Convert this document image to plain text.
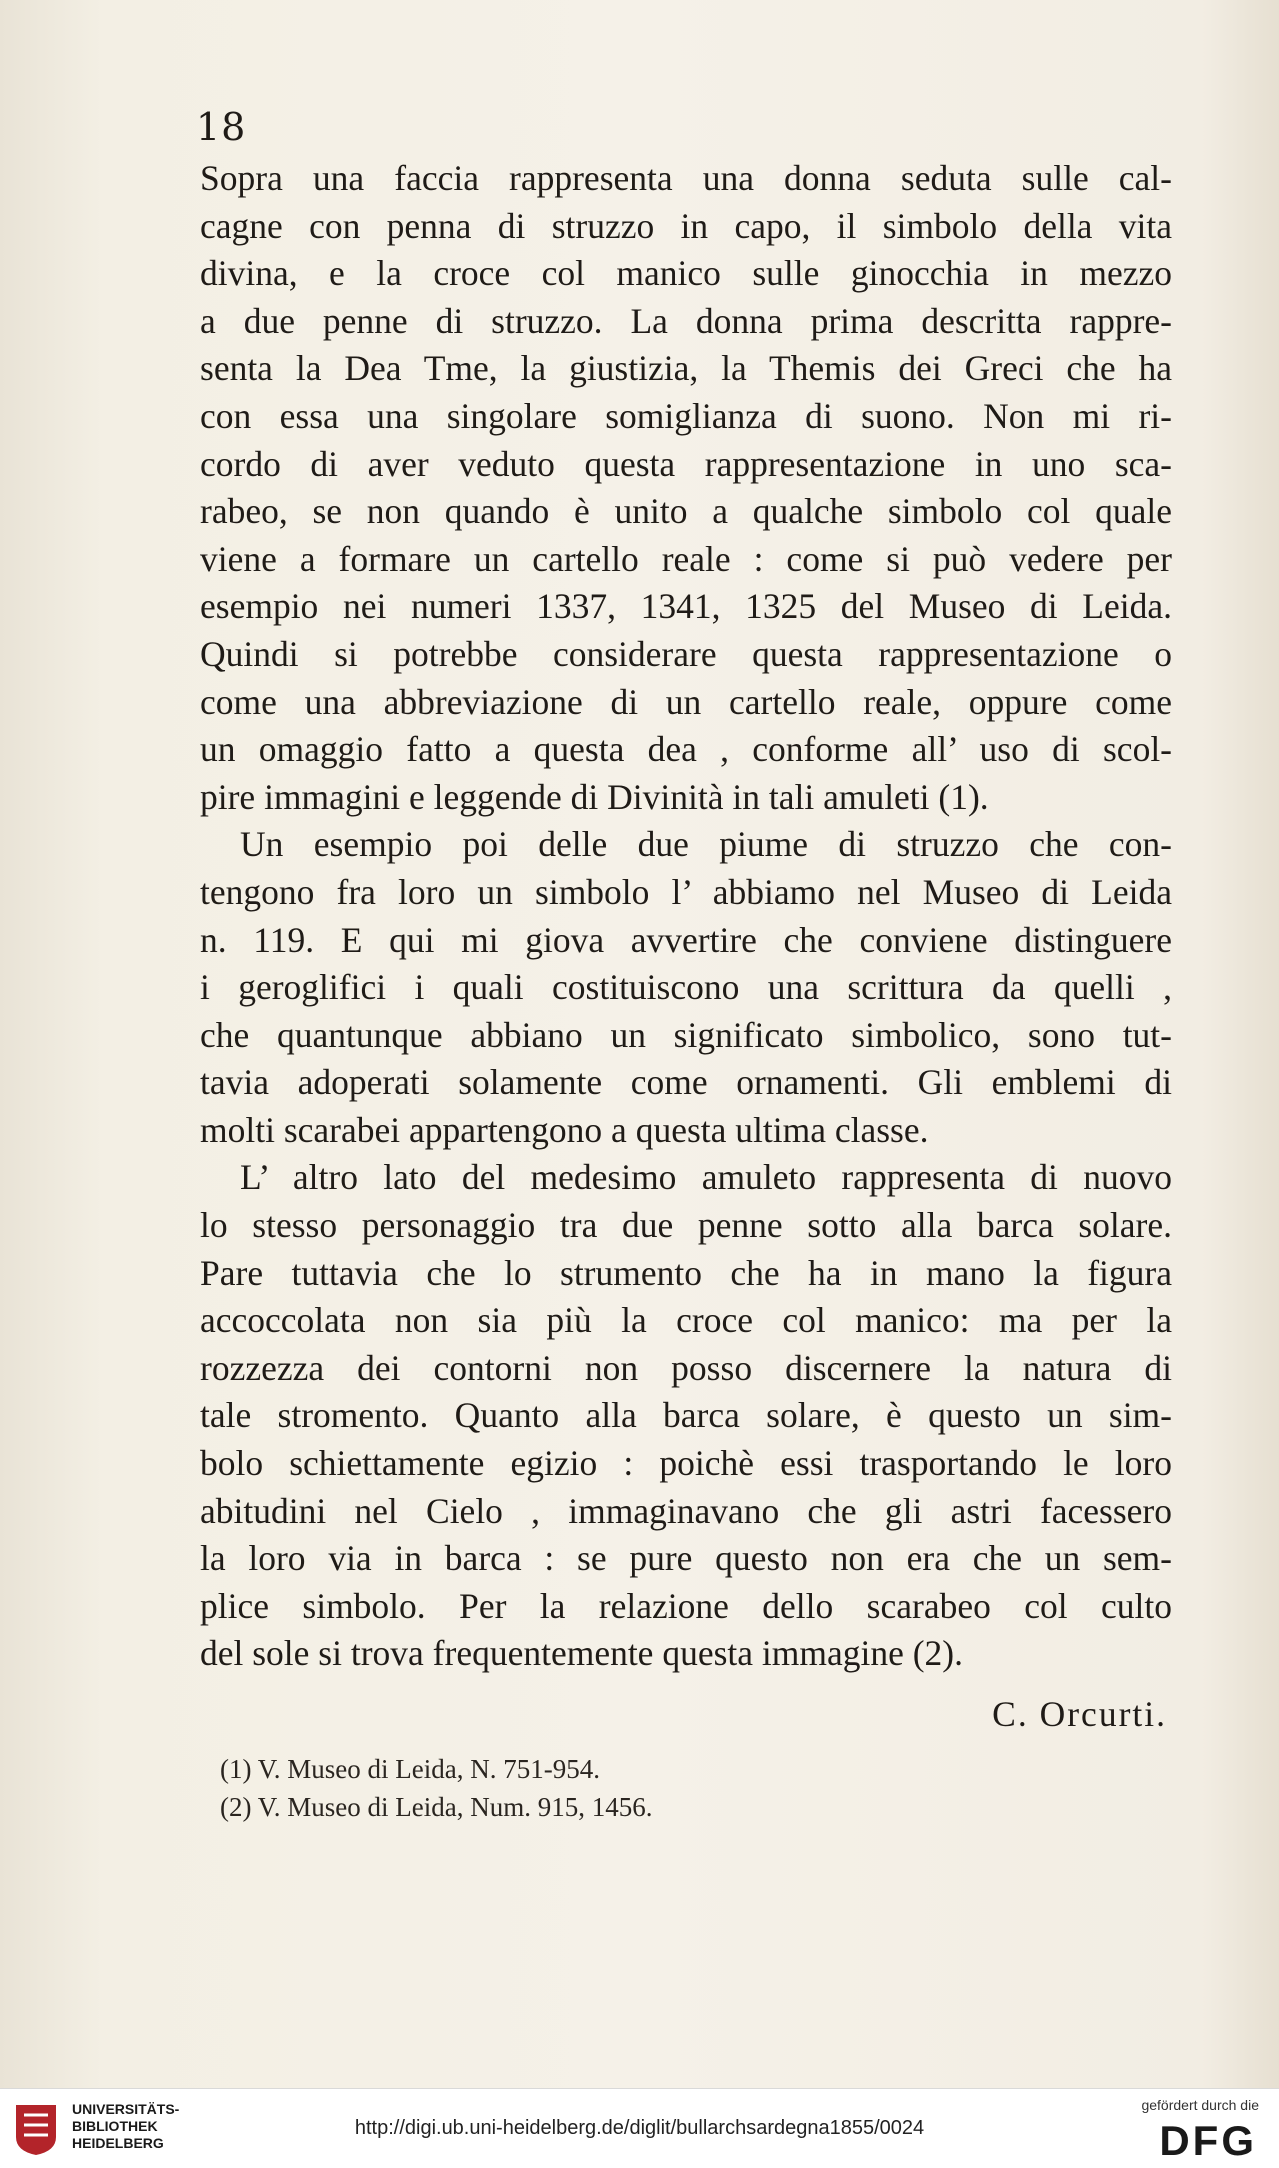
18
Sopra una faccia rappresenta una donna seduta sulle cal-
cagne con penna di struzzo in capo, il simbolo della vita
divina, e la croce col manico sulle ginocchia in mezzo
a due penne di struzzo. La donna prima descritta rappre-
senta la Dea Tme, la giustizia, la Themis dei Greci che ha
con essa una singolare somiglianza di suono. Non mi ri-
cordo di aver veduto questa rappresentazione in uno sca-
rabeo, se non quando è unito a qualche simbolo col quale
viene a formare un cartello reale : come si può vedere per
esempio nei numeri 1337, 1341, 1325 del Museo di Leida.
Quindi si potrebbe considerare questa rappresentazione o
come una abbreviazione di un cartello reale, oppure come
un omaggio fatto a questa dea , conforme all’ uso di scol-
pire immagini e leggende di Divinità in tali amuleti (1).
Un esempio poi delle due piume di struzzo che con-
tengono fra loro un simbolo l’ abbiamo nel Museo di Leida
n. 119. E qui mi giova avvertire che conviene distinguere
i geroglifici i quali costituiscono una scrittura da quelli ,
che quantunque abbiano un significato simbolico, sono tut-
tavia adoperati solamente come ornamenti. Gli emblemi di
molti scarabei appartengono a questa ultima classe.
L’ altro lato del medesimo amuleto rappresenta di nuovo
lo stesso personaggio tra due penne sotto alla barca solare.
Pare tuttavia che lo strumento che ha in mano la figura
accoccolata non sia più la croce col manico: ma per la
rozzezza dei contorni non posso discernere la natura di
tale stromento. Quanto alla barca solare, è questo un sim-
bolo schiettamente egizio : poichè essi trasportando le loro
abitudini nel Cielo , immaginavano che gli astri facessero
la loro via in barca : se pure questo non era che un sem-
plice simbolo. Per la relazione dello scarabeo col culto
del sole si trova frequentemente questa immagine (2).
C. Orcurti.
(1) V. Museo di Leida, N. 751-954.
(2) V. Museo di Leida, Num. 915, 1456.
UNIVERSITÄTS-
BIBLIOTHEK
HEIDELBERG
http://digi.ub.uni-heidelberg.de/diglit/bullarchsardegna1855/0024
gefördert durch die
DFG
